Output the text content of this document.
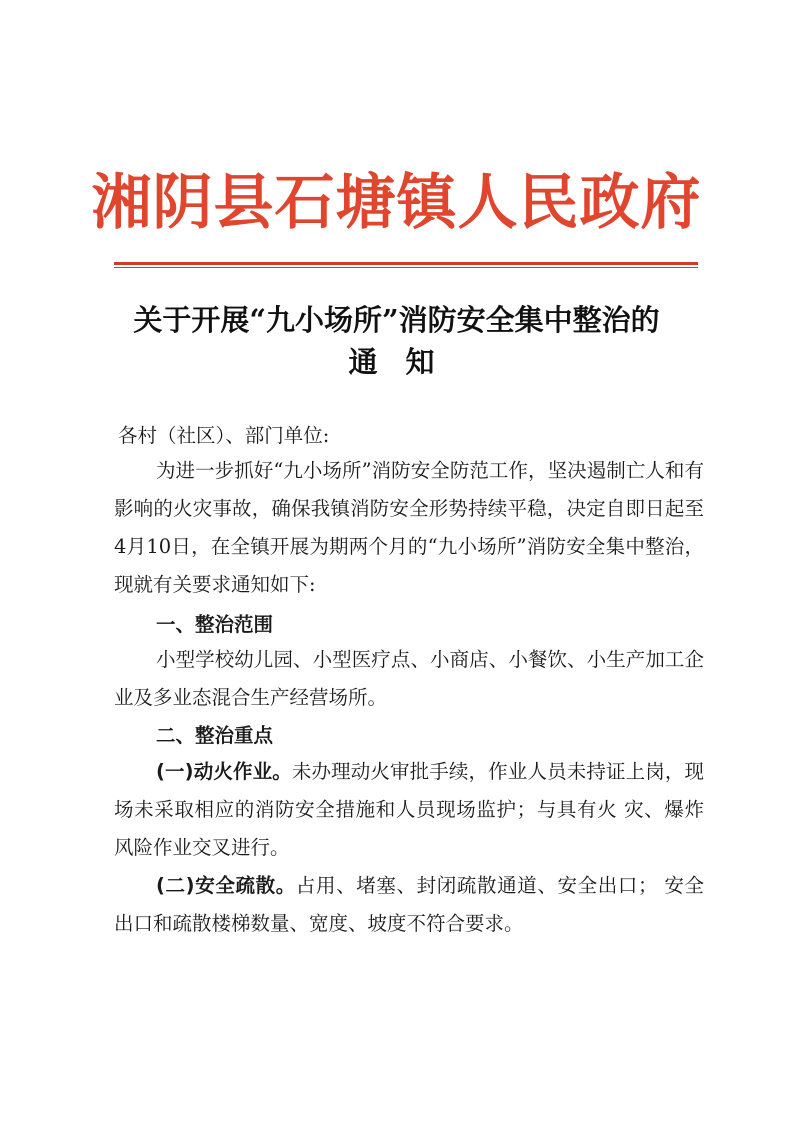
湘阴县石塘镇人民政府
关于开展“九小场所”消防安全集中整治的
通知
各村（社区）、部门单位:
为进一步抓好“九小场所”消防安全防范工作，坚决遏制亡人和有影响的火灾事故，确保我镇消防安全形势持续平稳，决定自即日起至4月10日，在全镇开展为期两个月的“九小场所”消防安全集中整治，现就有关要求通知如下:
一、整治范围
小型学校幼儿园、小型医疗点、小商店、小餐饮、小生产加工企业及多业态混合生产经营场所。
二、整治重点
(一)动火作业。未办理动火审批手续，作业人员未持证上岗，现场未采取相应的消防安全措施和人员现场监护；与具有火 灾、爆炸风险作业交叉进行。
(二)安全疏散。占用、堵塞、封闭疏散通道、安全出口； 安全出口和疏散楼梯数量、宽度、坡度不符合要求。
